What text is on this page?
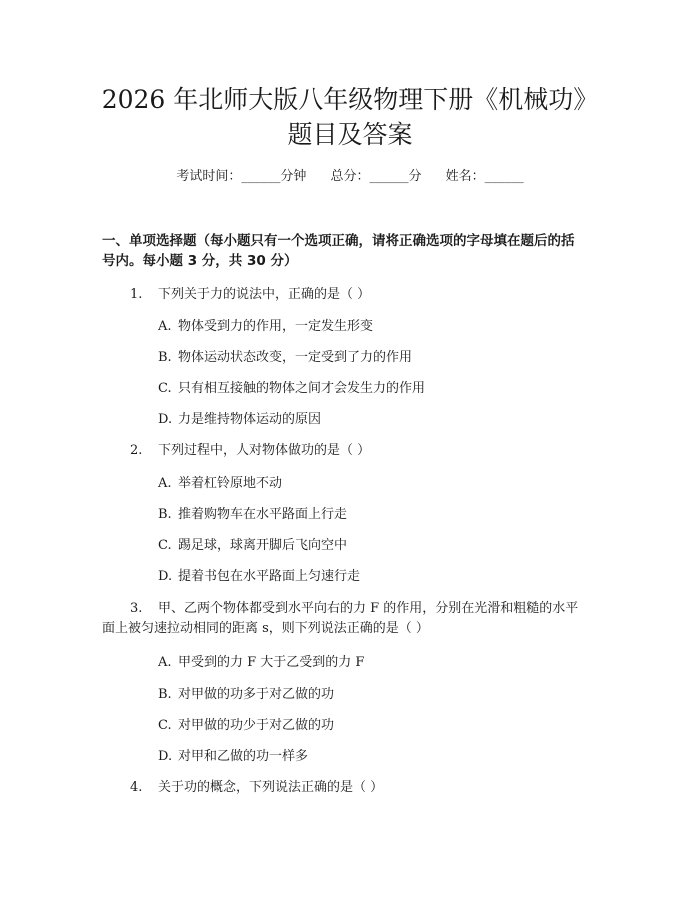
2026 年北师大版八年级物理下册《机械功》
题目及答案
考试时间：______分钟 总分：______分 姓名：______
一、单项选择题（每小题只有一个选项正确，请将正确选项的字母填在题后的括
号内。每小题 3 分，共 30 分）
1. 下列关于力的说法中，正确的是（ ）
A. 物体受到力的作用，一定发生形变
B. 物体运动状态改变，一定受到了力的作用
C. 只有相互接触的物体之间才会发生力的作用
D. 力是维持物体运动的原因
2. 下列过程中，人对物体做功的是（ ）
A. 举着杠铃原地不动
B. 推着购物车在水平路面上行走
C. 踢足球，球离开脚后飞向空中
D. 提着书包在水平路面上匀速行走
3. 甲、乙两个物体都受到水平向右的力 F 的作用，分别在光滑和粗糙的水平
面上被匀速拉动相同的距离 s，则下列说法正确的是（ ）
A. 甲受到的力 F 大于乙受到的力 F
B. 对甲做的功多于对乙做的功
C. 对甲做的功少于对乙做的功
D. 对甲和乙做的功一样多
4. 关于功的概念，下列说法正确的是（ ）
